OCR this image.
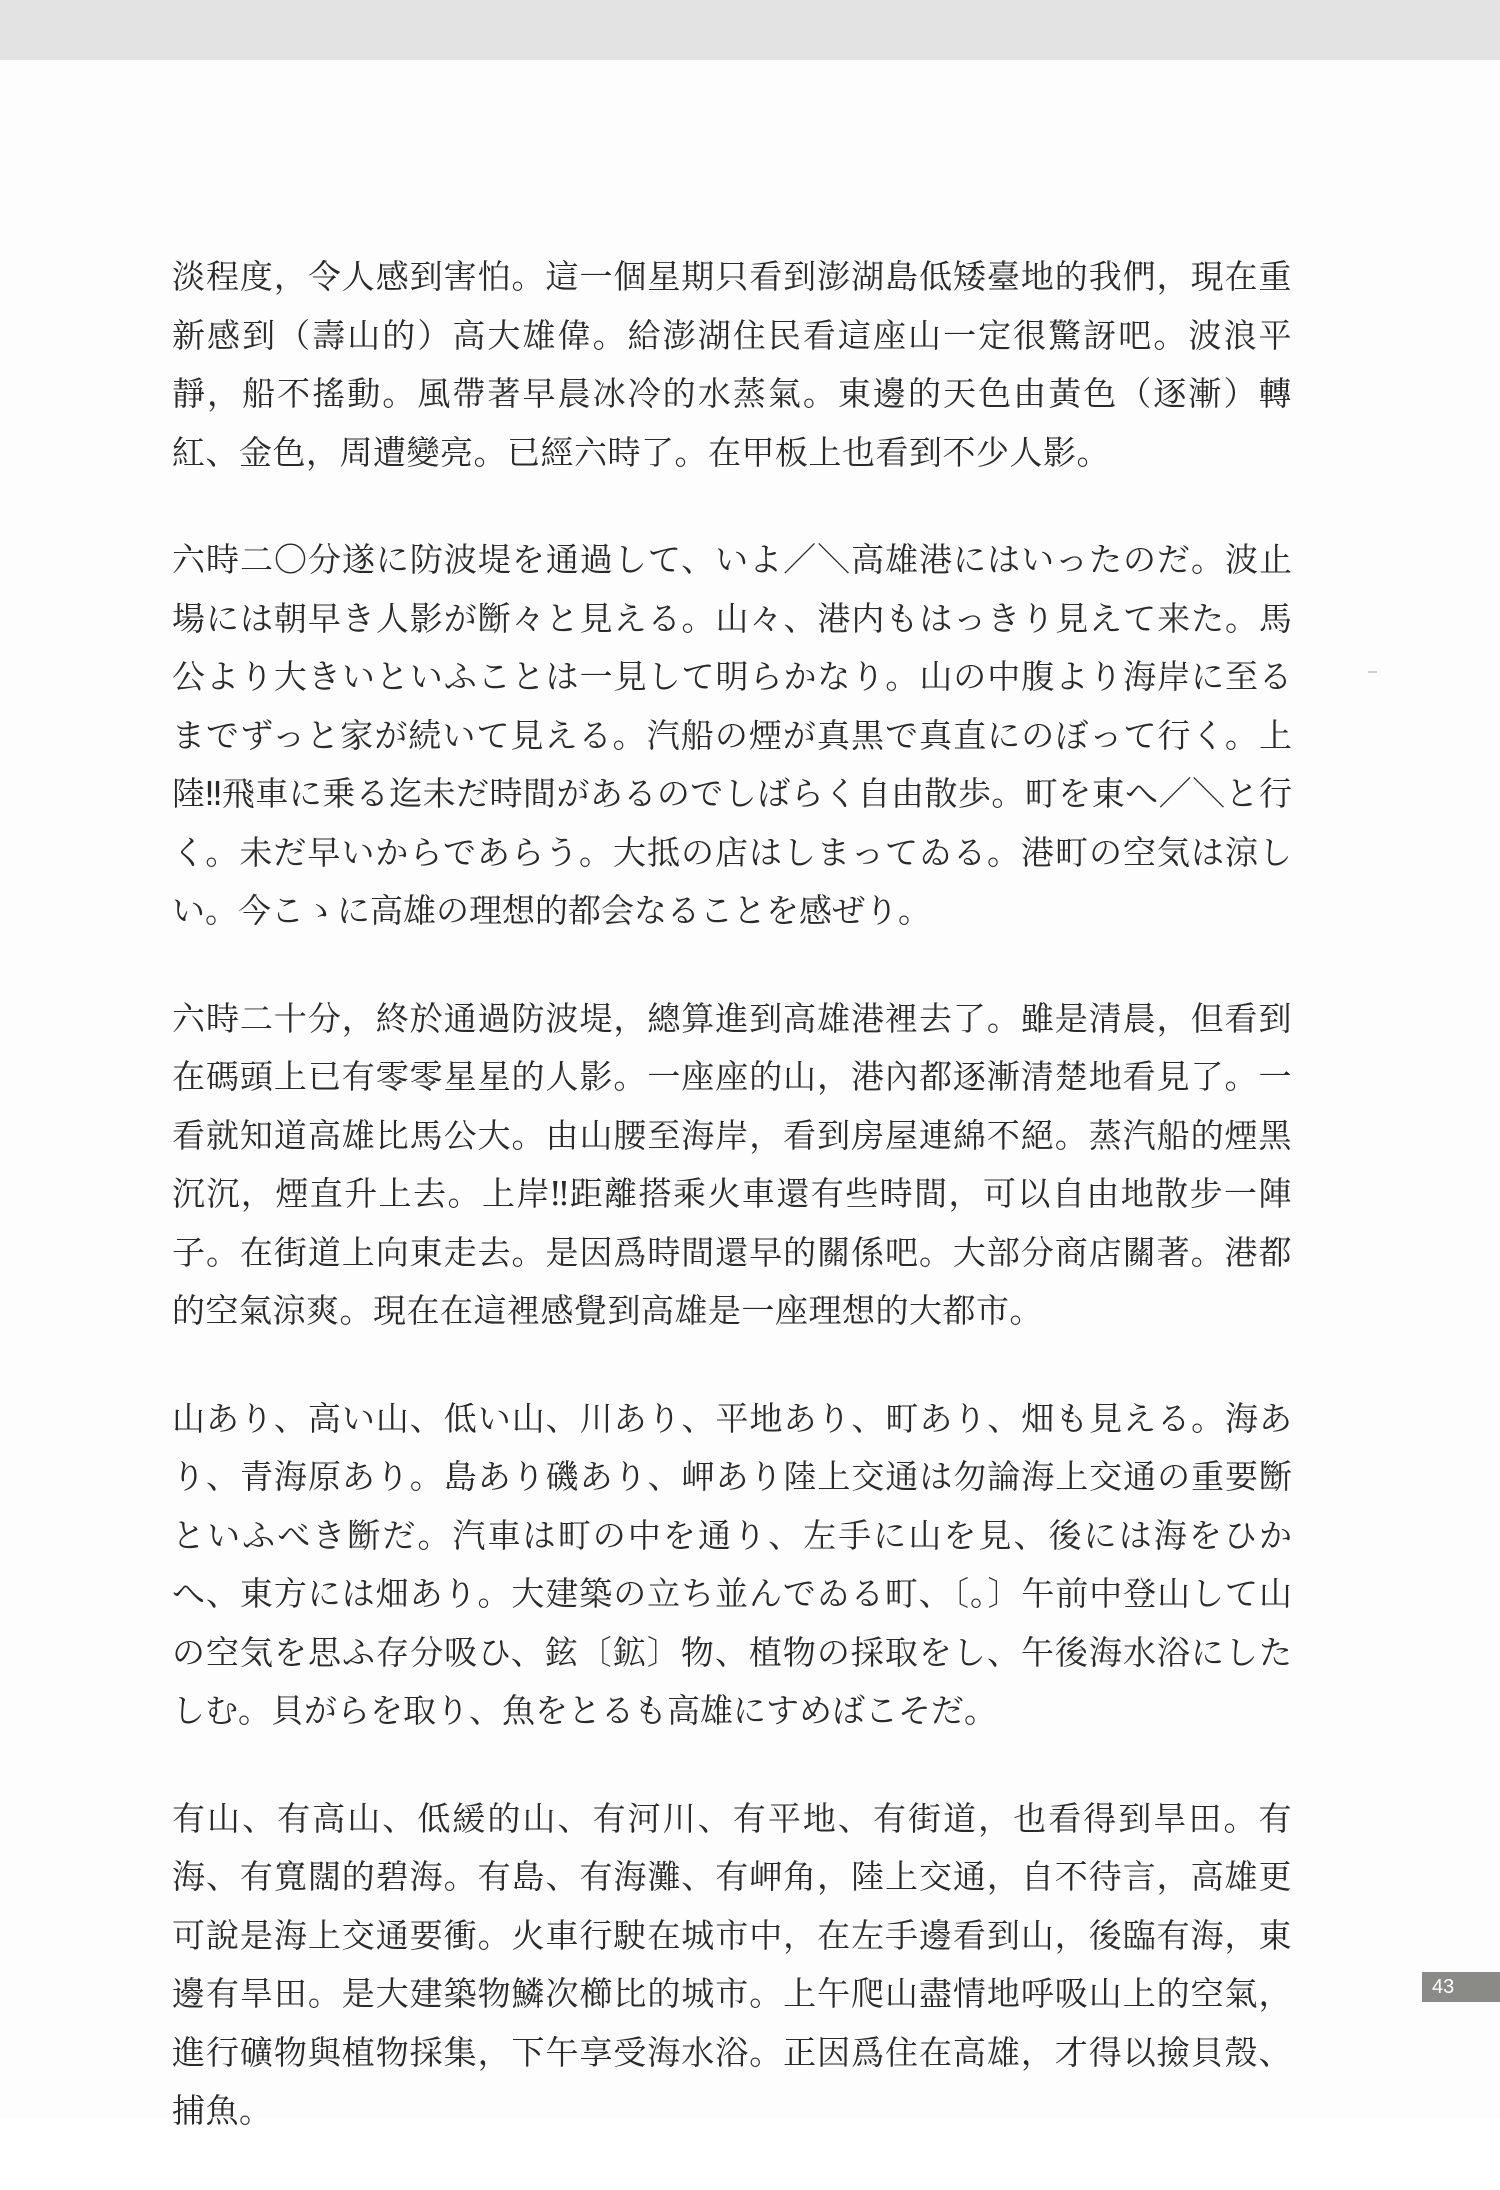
淡程度，令人感到害怕。這一個星期只看到澎湖島低矮臺地的我們，現在重新感到（壽山的）高大雄偉。給澎湖住民看這座山一定很驚訝吧。波浪平靜，船不搖動。風帶著早晨冰冷的水蒸氣。東邊的天色由黃色（逐漸）轉紅、金色，周遭變亮。已經六時了。在甲板上也看到不少人影。

六時二〇分遂に防波堤を通過して、いよ／＼高雄港にはいったのだ。波止場には朝早き人影が㫁々と見える。山々、港内もはっきり見えて来た。馬公より大きいといふことは一見して明らかなり。山の中腹より海岸に至るまでずっと家が続いて見える。汽船の煙が真黒で真直にのぼって行く。上陸‼飛車に乗る迄未だ時間があるのでしばらく自由散歩。町を東へ／＼と行く。未だ早いからであらう。大抵の店はしまってゐる。港町の空気は涼しい。今こゝに高雄の理想的都会なることを感ぜり。

六時二十分，終於通過防波堤，總算進到高雄港裡去了。雖是清晨，但看到在碼頭上已有零零星星的人影。一座座的山，港內都逐漸清楚地看見了。一看就知道高雄比馬公大。由山腰至海岸，看到房屋連綿不絕。蒸汽船的煙黑沉沉，煙直升上去。上岸‼距離搭乘火車還有些時間，可以自由地散步一陣子。在街道上向東走去。是因爲時間還早的關係吧。大部分商店關著。港都的空氣涼爽。現在在這裡感覺到高雄是一座理想的大都市。

山あり、高い山、低い山、川あり、平地あり、町あり、畑も見える。海あり、青海原あり。島あり磯あり、岬あり陸上交通は勿論海上交通の重要㫁といふべき㫁だ。汽車は町の中を通り、左手に山を見、後には海をひかへ、東方には畑あり。大建築の立ち並んでゐる町、〔。〕午前中登山して山の空気を思ふ存分吸ひ、鉉〔鉱〕物、植物の採取をし、午後海水浴にしたしむ。貝がらを取り、魚をとるも高雄にすめばこそだ。

有山、有高山、低緩的山、有河川、有平地、有街道，也看得到旱田。有海、有寬闊的碧海。有島、有海灘、有岬角，陸上交通，自不待言，高雄更可說是海上交通要衝。火車行駛在城市中，在左手邊看到山，後臨有海，東邊有旱田。是大建築物鱗次櫛比的城市。上午爬山盡情地呼吸山上的空氣，進行礦物與植物採集，下午享受海水浴。正因爲住在高雄，才得以撿貝殼、捕魚。

43
